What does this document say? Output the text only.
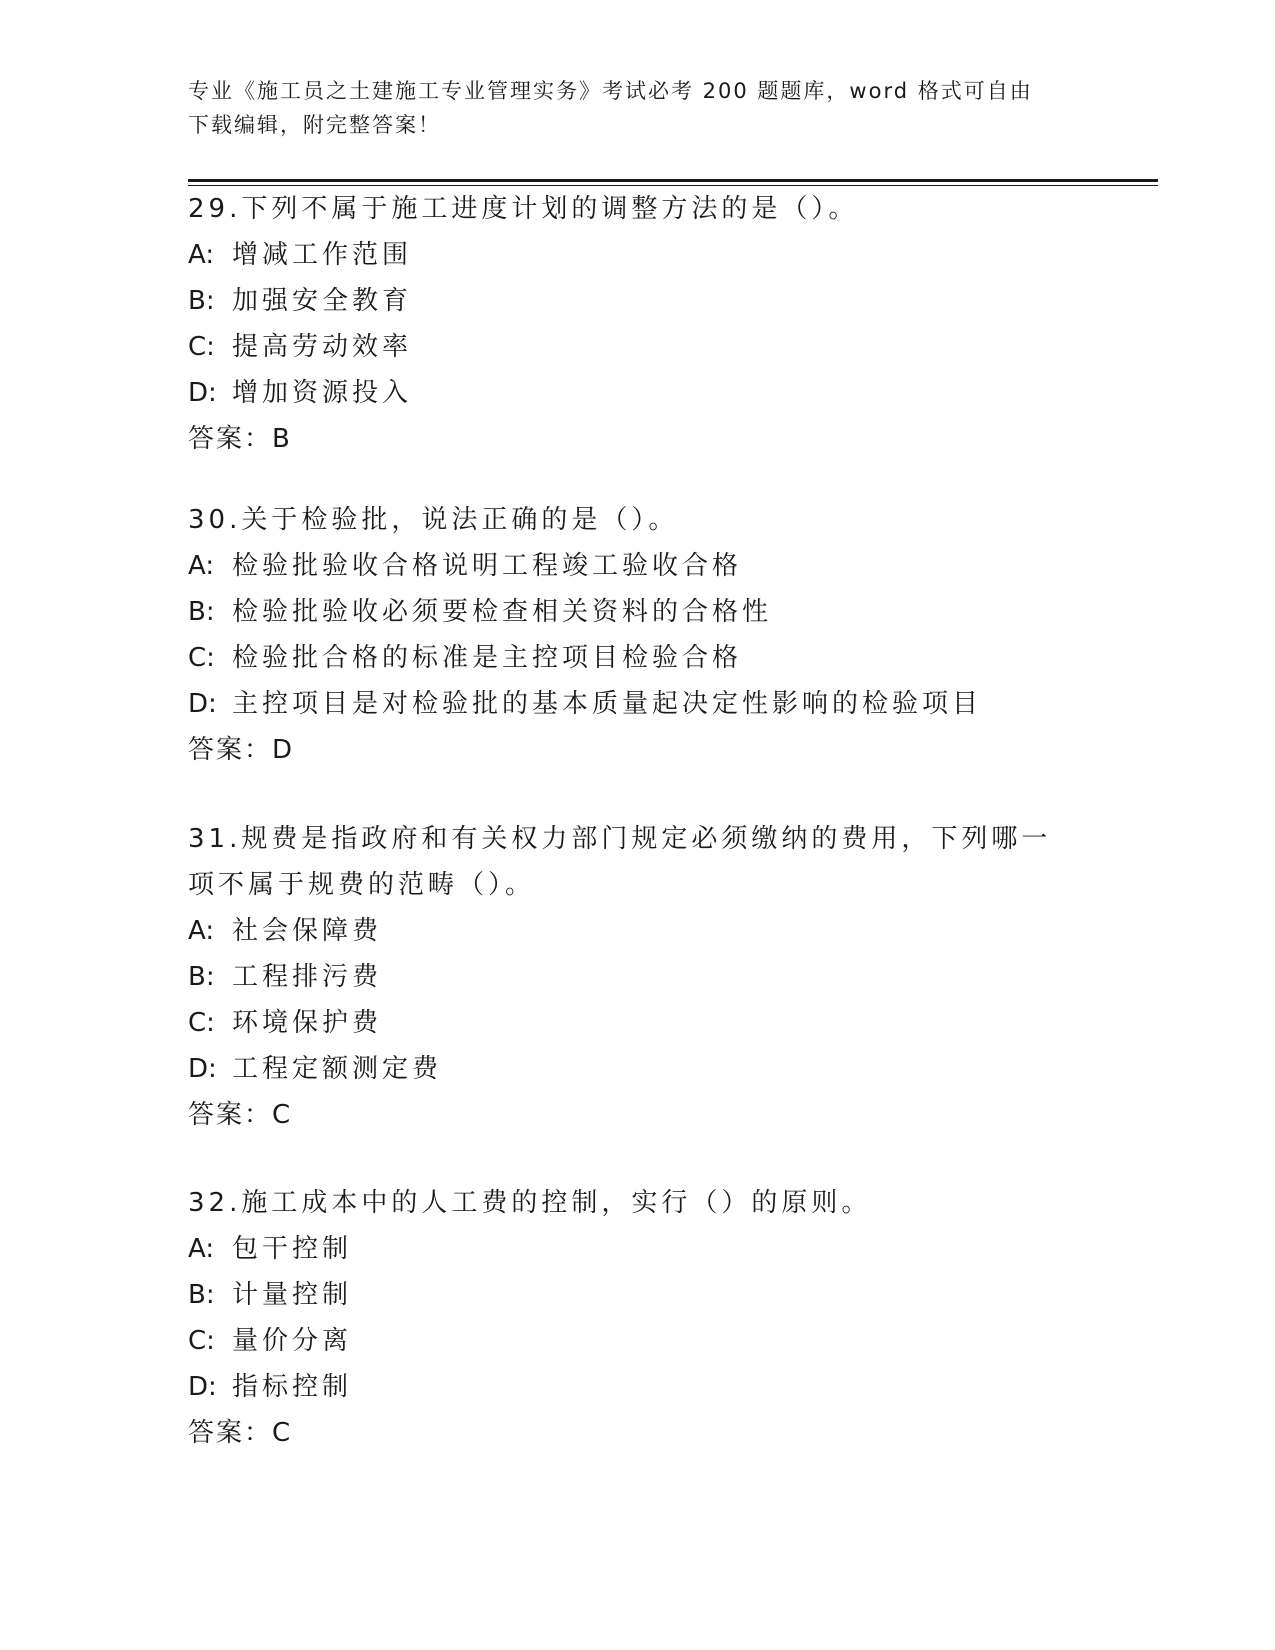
专业《施工员之土建施工专业管理实务》考试必考 200 题题库，word 格式可自由
下载编辑，附完整答案！
29.下列不属于施工进度计划的调整方法的是（）。
A: 增减工作范围
B: 加强安全教育
C: 提高劳动效率
D: 增加资源投入
答案：B
30.关于检验批，说法正确的是（）。
A: 检验批验收合格说明工程竣工验收合格
B: 检验批验收必须要检查相关资料的合格性
C: 检验批合格的标准是主控项目检验合格
D: 主控项目是对检验批的基本质量起决定性影响的检验项目
答案：D
31.规费是指政府和有关权力部门规定必须缴纳的费用，下列哪一项不属于规费的范畴（）。
A: 社会保障费
B: 工程排污费
C: 环境保护费
D: 工程定额测定费
答案：C
32.施工成本中的人工费的控制，实行（）的原则。
A: 包干控制
B: 计量控制
C: 量价分离
D: 指标控制
答案：C
